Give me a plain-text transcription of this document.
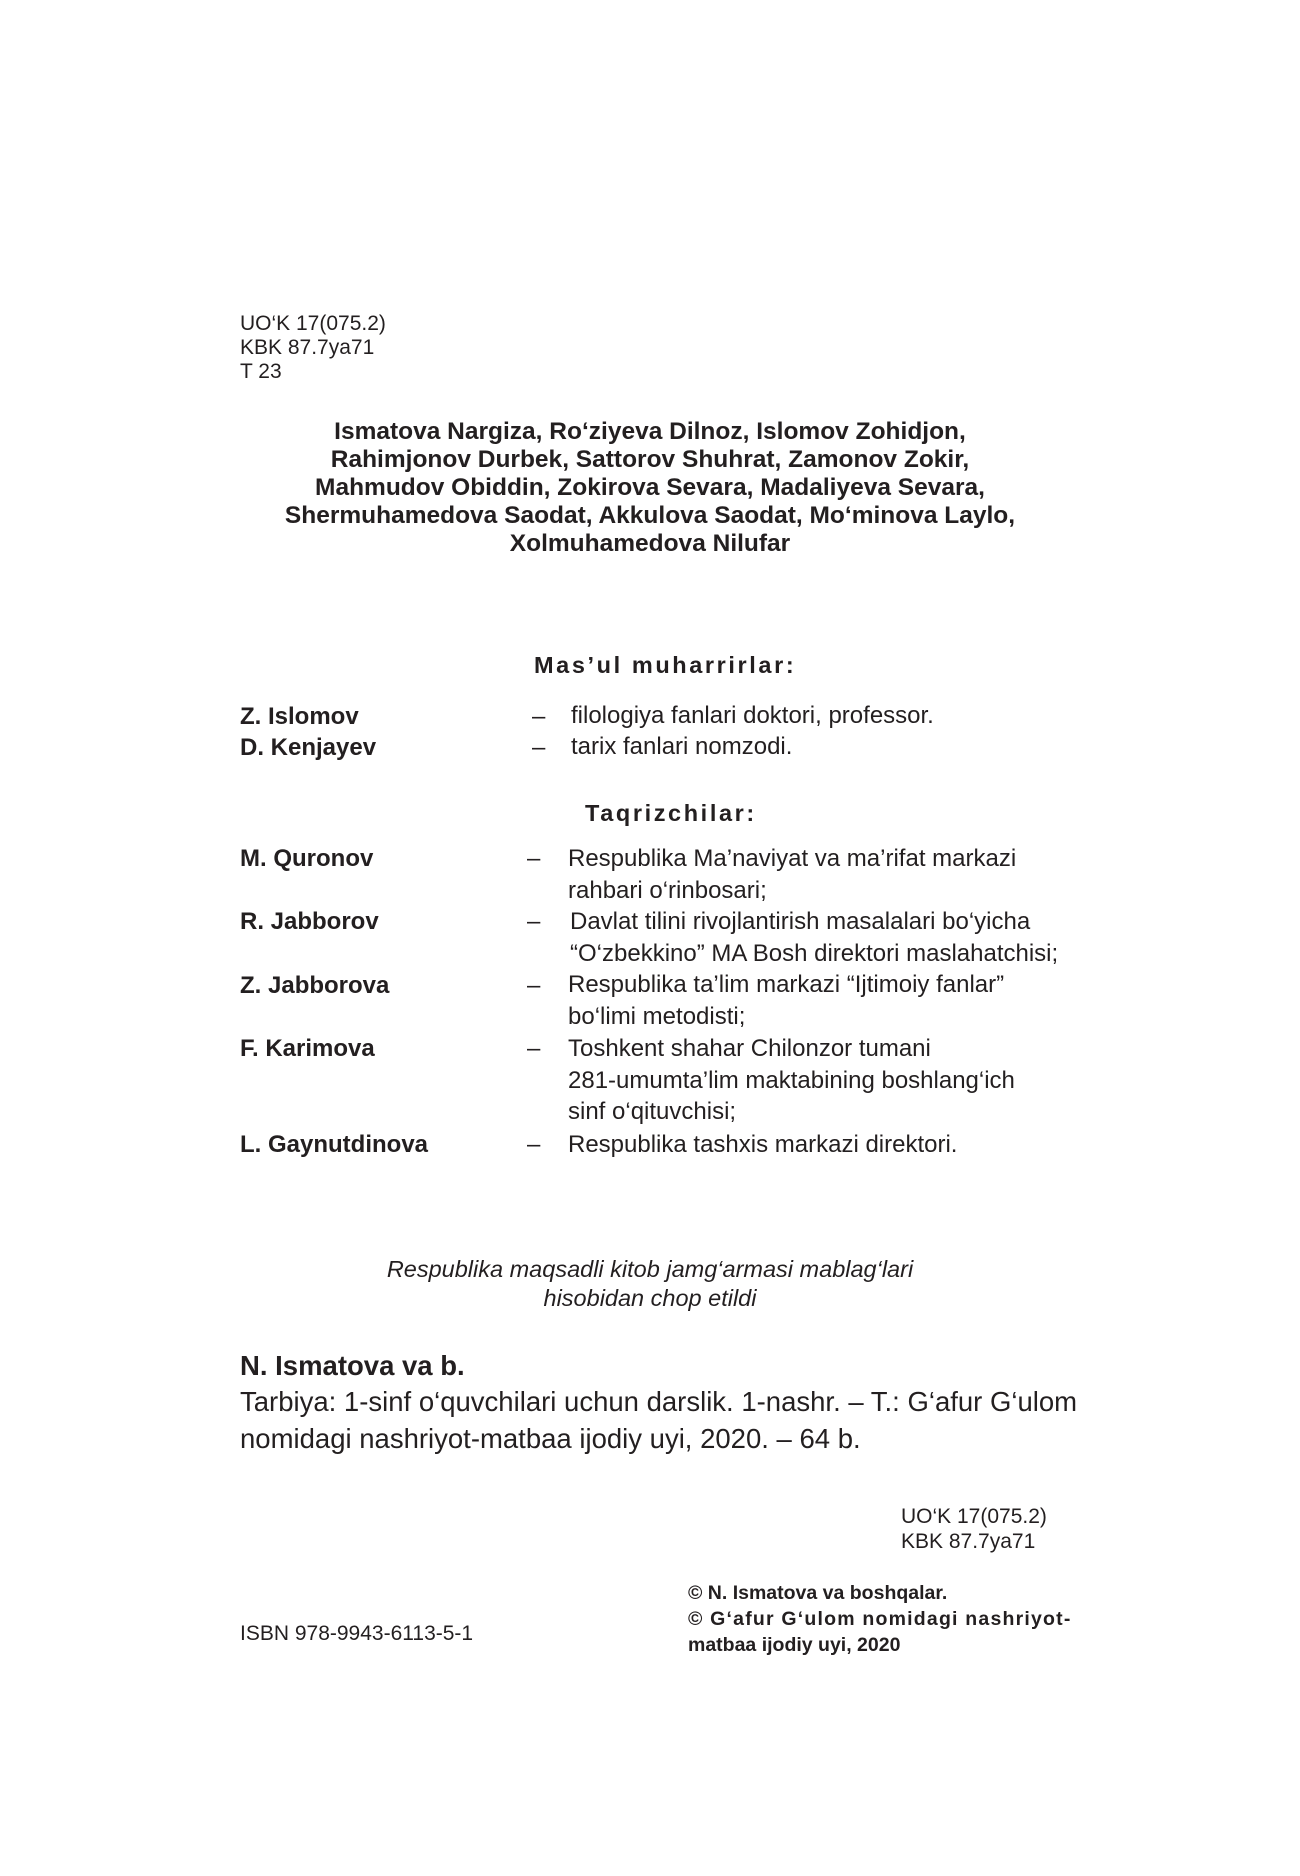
UO‘K 17(075.2)
KBK 87.7ya71
T 23
Ismatova Nargiza, Ro‘ziyeva Dilnoz, Islomov Zohidjon,
Rahimjonov Durbek, Sattorov Shuhrat, Zamonov Zokir,
Mahmudov Obiddin, Zokirova Sevara, Madaliyeva Sevara,
Shermuhamedova Saodat, Akkulova Saodat, Mo‘minova Laylo,
Xolmuhamedova Nilufar
Mas’ul muharrirlar:
Z. Islomov	– filologiya fanlari doktori, professor.
D. Kenjayev	– tarix fanlari nomzodi.
Taqrizchilar:
M. Quronov	– Respublika Ma’naviyat va ma’rifat markazi
rahbari o‘rinbosari;
R. Jabborov	– Davlat tilini rivojlantirish masalalari bo‘yicha
“O‘zbekkino” MA Bosh direktori maslahatchisi;
Z. Jabborova	– Respublika ta’lim markazi “Ijtimoiy fanlar”
bo‘limi metodisti;
F. Karimova	– Toshkent shahar Chilonzor tumani
281-umumta’lim maktabining boshlang‘ich
sinf o‘qituvchisi;
L. Gaynutdinova	– Respublika tashxis markazi direktori.
Respublika maqsadli kitob jamg‘armasi mablag‘lari
hisobidan chop etildi
N. Ismatova va b.
Tarbiya: 1-sinf o‘quvchilari uchun darslik. 1-nashr. – T.: G‘afur G‘ulom
nomidagi nashriyot-matbaa ijodiy uyi, 2020. – 64 b.
UO‘K 17(075.2)
KBK 87.7ya71
ISBN 978-9943-6113-5-1
© N. Ismatova va boshqalar.
© G‘afur G‘ulom nomidagi nashriyot-
matbaa ijodiy uyi, 2020
